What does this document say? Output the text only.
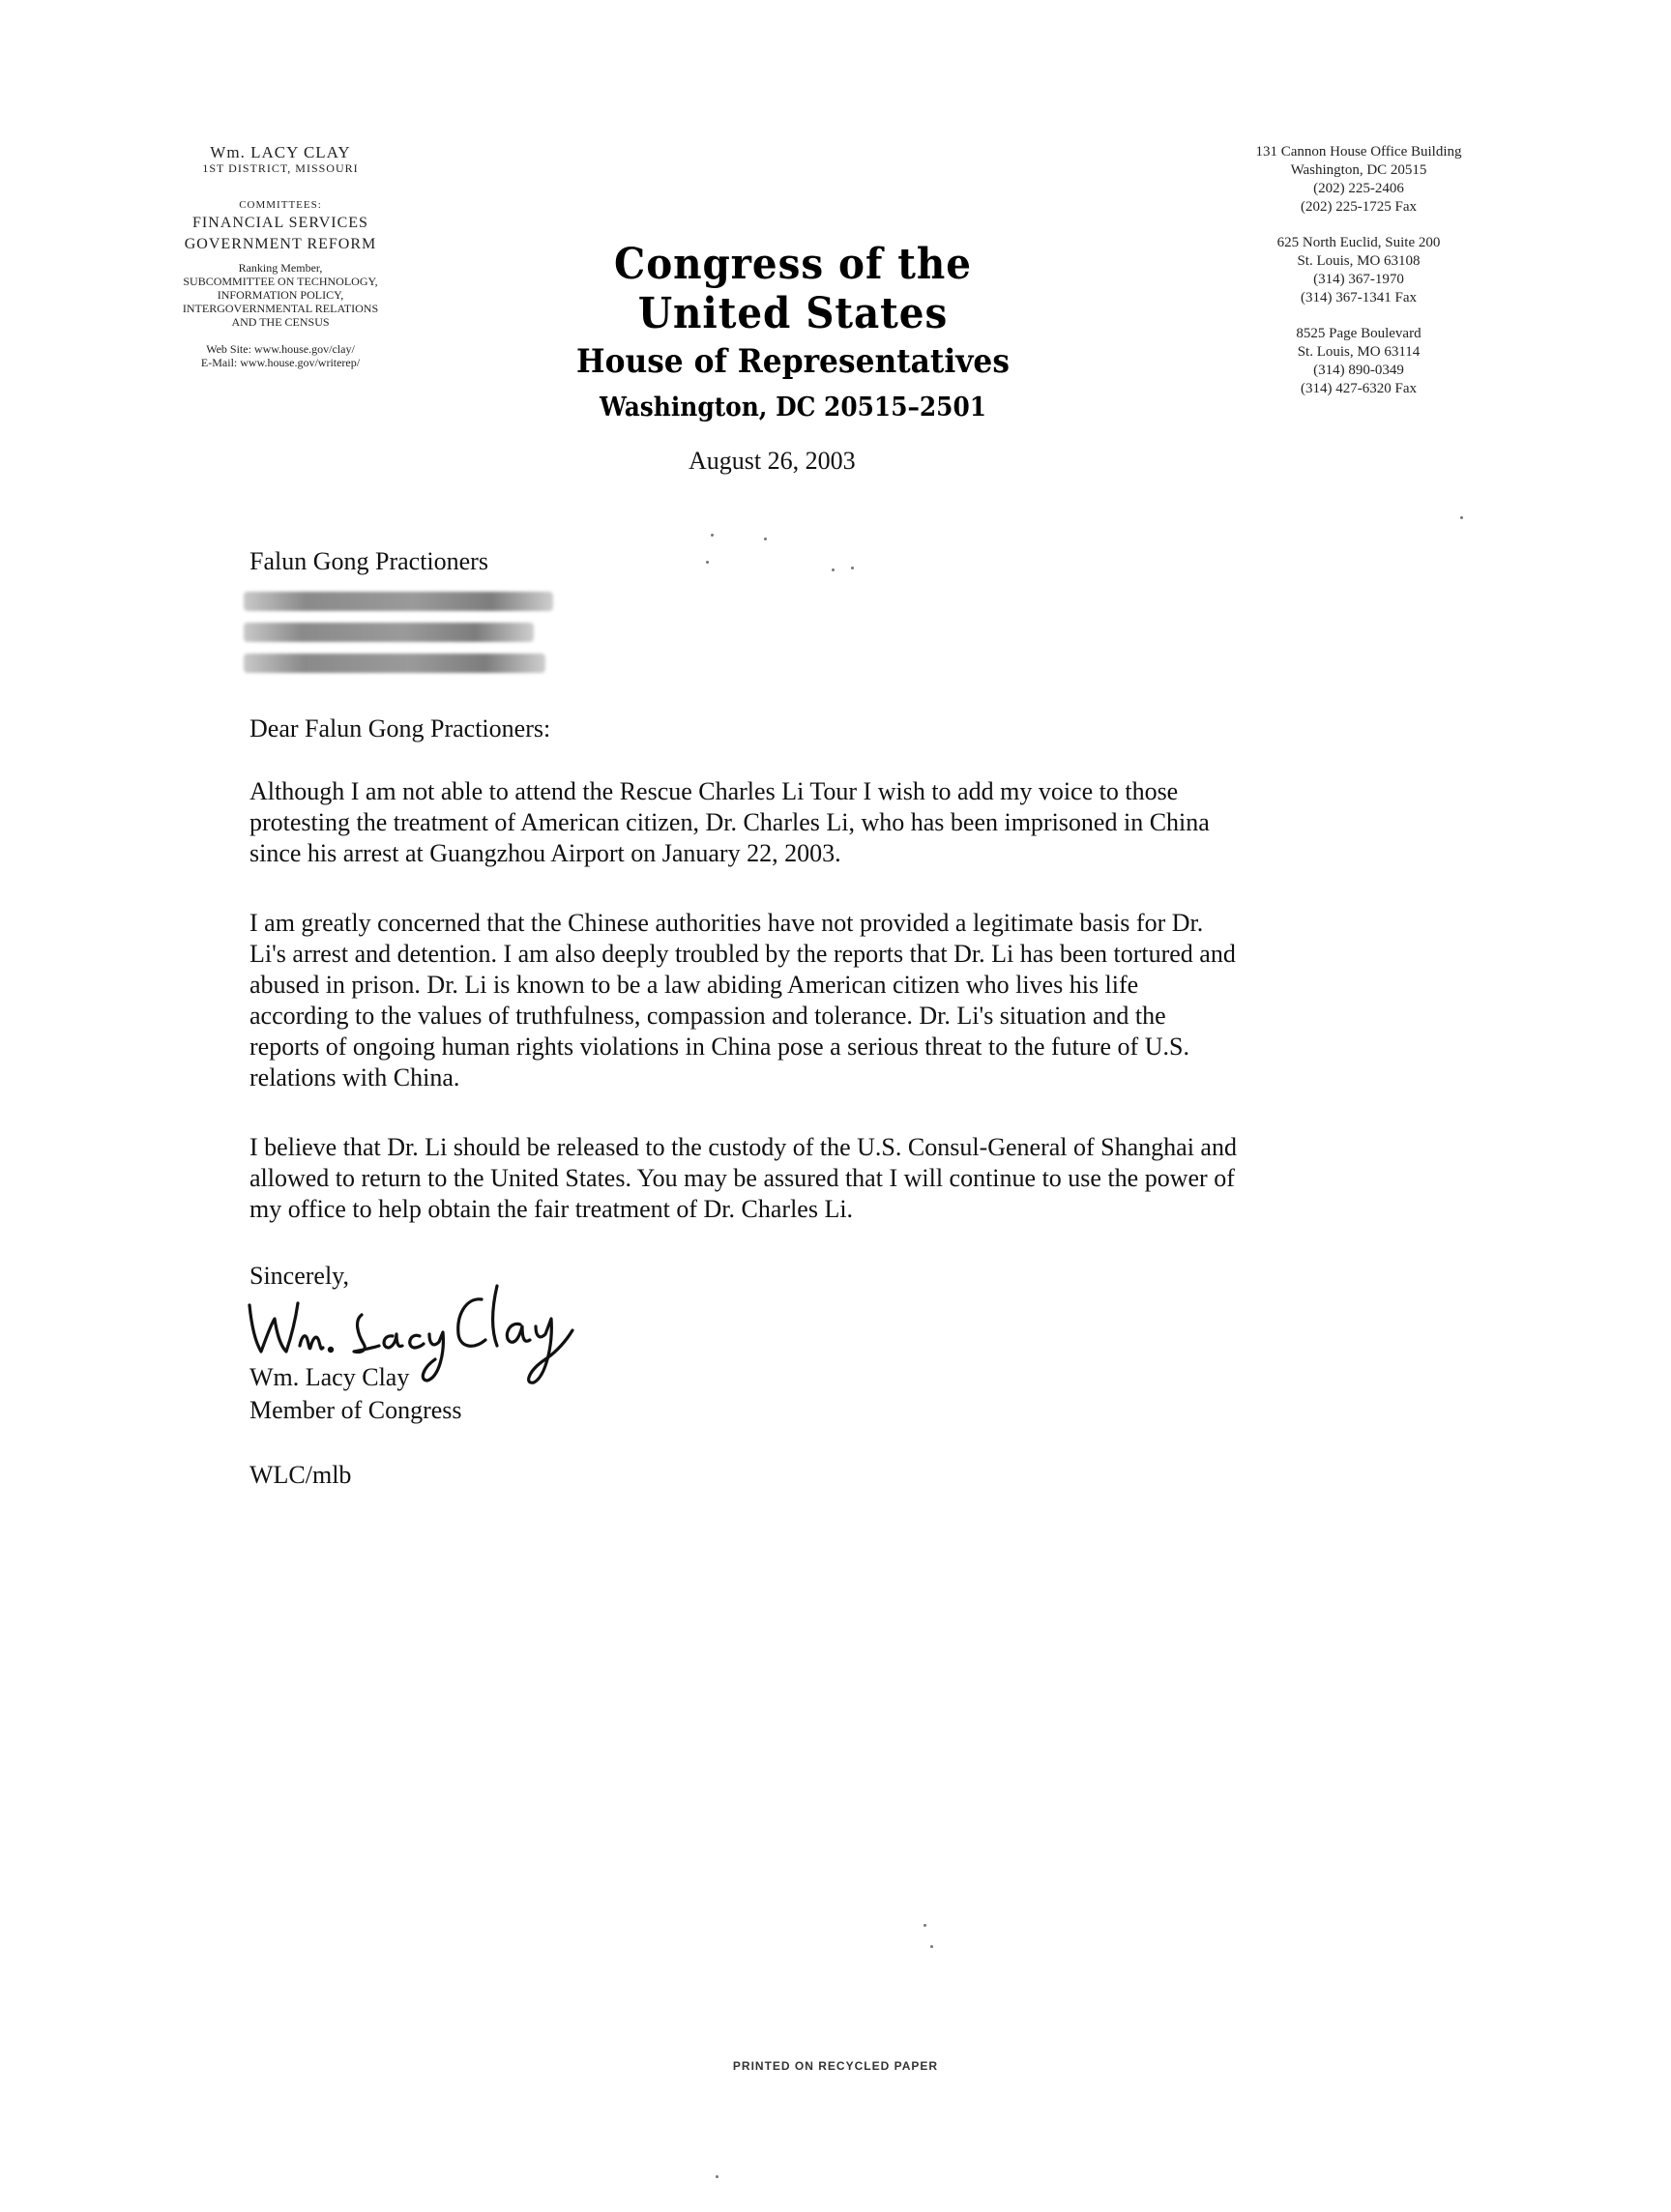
Wm. LACY CLAY
1ST DISTRICT, MISSOURI
COMMITTEES:
FINANCIAL SERVICES
GOVERNMENT REFORM
Ranking Member,
SUBCOMMITTEE ON TECHNOLOGY,
INFORMATION POLICY,
INTERGOVERNMENTAL RELATIONS
AND THE CENSUS
Web Site: www.house.gov/clay/
E-Mail: www.house.gov/writerep/
Congress of the United States
House of Representatives
Washington, DC 20515–2501
131 Cannon House Office Building
Washington, DC 20515
(202) 225-2406
(202) 225-1725 Fax
625 North Euclid, Suite 200
St. Louis, MO 63108
(314) 367-1970
(314) 367-1341 Fax
8525 Page Boulevard
St. Louis, MO 63114
(314) 890-0349
(314) 427-6320 Fax
August 26, 2003
Falun Gong Practioners
Dear Falun Gong Practioners:

Although I am not able to attend the Rescue Charles Li Tour I wish to add my voice to those

protesting the treatment of American citizen, Dr. Charles Li, who has been imprisoned in China

since his arrest at Guangzhou Airport on January 22, 2003.

I am greatly concerned that the Chinese authorities have not provided a legitimate basis for Dr.

Li's arrest and detention. I am also deeply troubled by the reports that Dr. Li has been tortured and

abused in prison. Dr. Li is known to be a law abiding American citizen who lives his life

according to the values of truthfulness, compassion and tolerance. Dr. Li's situation and the

reports of ongoing human rights violations in China pose a serious threat to the future of U.S.

relations with China.

I believe that Dr. Li should be released to the custody of the U.S. Consul-General of Shanghai and

allowed to return to the United States. You may be assured that I will continue to use the power of

my office to help obtain the fair treatment of Dr. Charles Li.

Sincerely,
Wm. Lacy Clay
Member of Congress
WLC/mlb
PRINTED ON RECYCLED PAPER
